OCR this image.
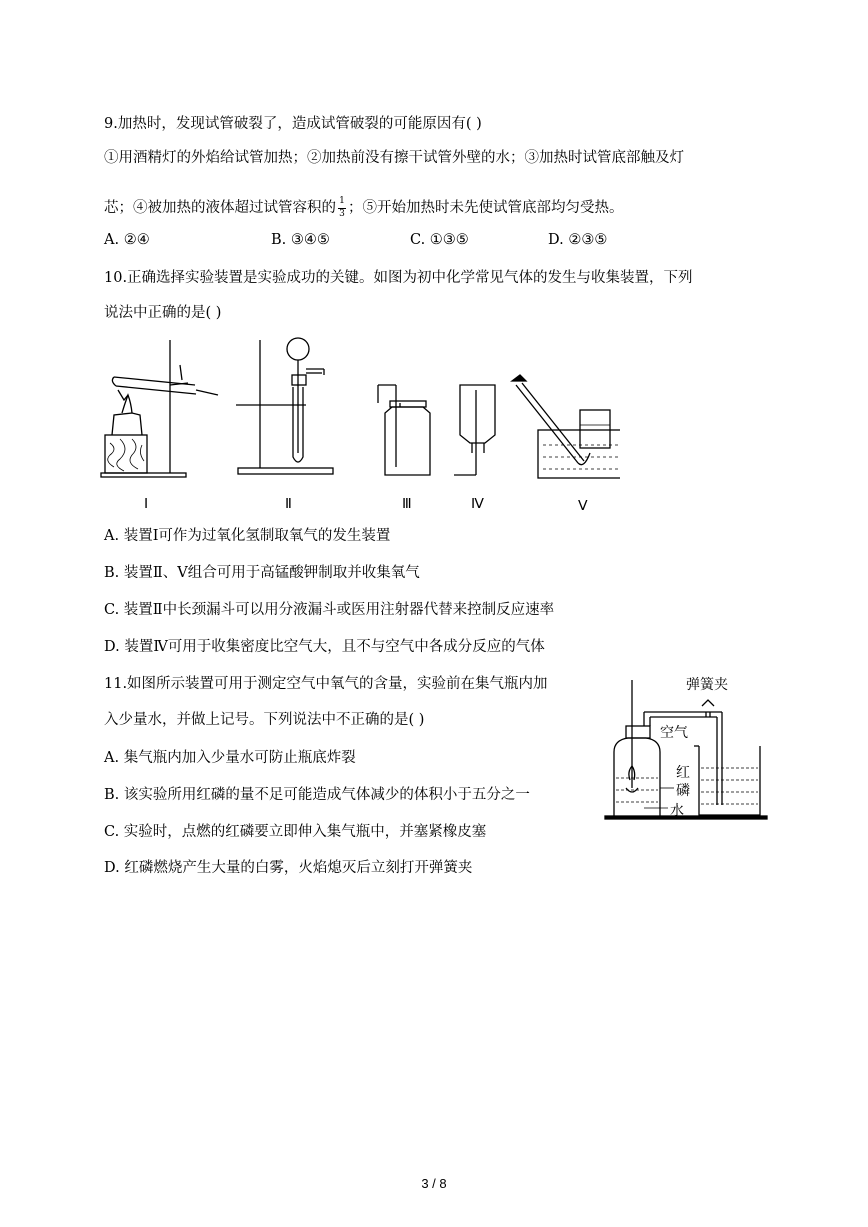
9.加热时，发现试管破裂了，造成试管破裂的可能原因有( )
①用酒精灯的外焰给试管加热；②加热前没有擦干试管外壁的水；③加热时试管底部触及灯
芯；④被加热的液体超过试管容积的
$\frac{1}{3}$
；⑤开始加热时未先使试管底部均匀受热。
A. ②④	B. ③④⑤	C. ①③⑤	D. ②③⑤
10.正确选择实验装置是实验成功的关键。如图为初中化学常见气体的发生与收集装置，下列
说法中正确的是( )
Ⅰ	Ⅱ	Ⅲ	Ⅳ	Ⅴ
A. 装置Ⅰ可作为过氧化氢制取氧气的发生装置
B. 装置Ⅱ、Ⅴ组合可用于高锰酸钾制取并收集氧气
C. 装置Ⅱ中长颈漏斗可以用分液漏斗或医用注射器代替来控制反应速率
D. 装置Ⅳ可用于收集密度比空气大，且不与空气中各成分反应的气体
11.如图所示装置可用于测定空气中氧气的含量，实验前在集气瓶内加
入少量水，并做上记号。下列说法中不正确的是( )
A. 集气瓶内加入少量水可防止瓶底炸裂
B. 该实验所用红磷的量不足可能造成气体减少的体积小于五分之一
C. 实验时，点燃的红磷要立即伸入集气瓶中，并塞紧橡皮塞
D. 红磷燃烧产生大量的白雾，火焰熄灭后立刻打开弹簧夹
弹簧夹
空气
红
磷
水
3 / 8
